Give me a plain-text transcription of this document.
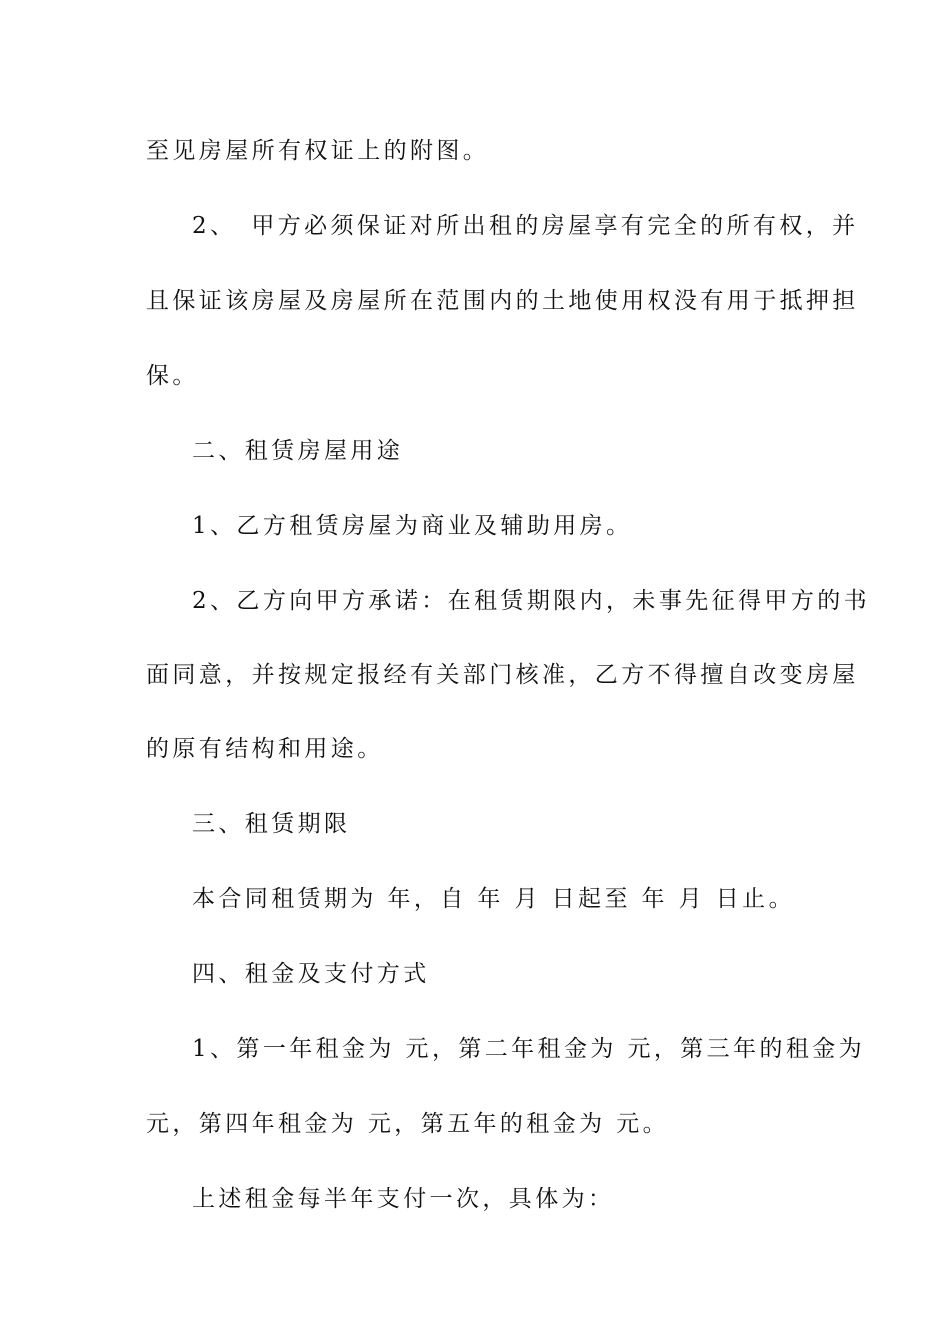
至见房屋所有权证上的附图。
2、　甲方必须保证对所出租的房屋享有完全的所有权，并
且保证该房屋及房屋所在范围内的土地使用权没有用于抵押担
保。
二、租赁房屋用途
1、乙方租赁房屋为商业及辅助用房。
2、乙方向甲方承诺：在租赁期限内，未事先征得甲方的书
面同意，并按规定报经有关部门核准，乙方不得擅自改变房屋
的原有结构和用途。
三、租赁期限
本合同租赁期为 年，自 年 月 日起至 年 月 日止。
四、租金及支付方式
1、第一年租金为 元，第二年租金为 元，第三年的租金为
元，第四年租金为 元，第五年的租金为 元。
上述租金每半年支付一次，具体为：
